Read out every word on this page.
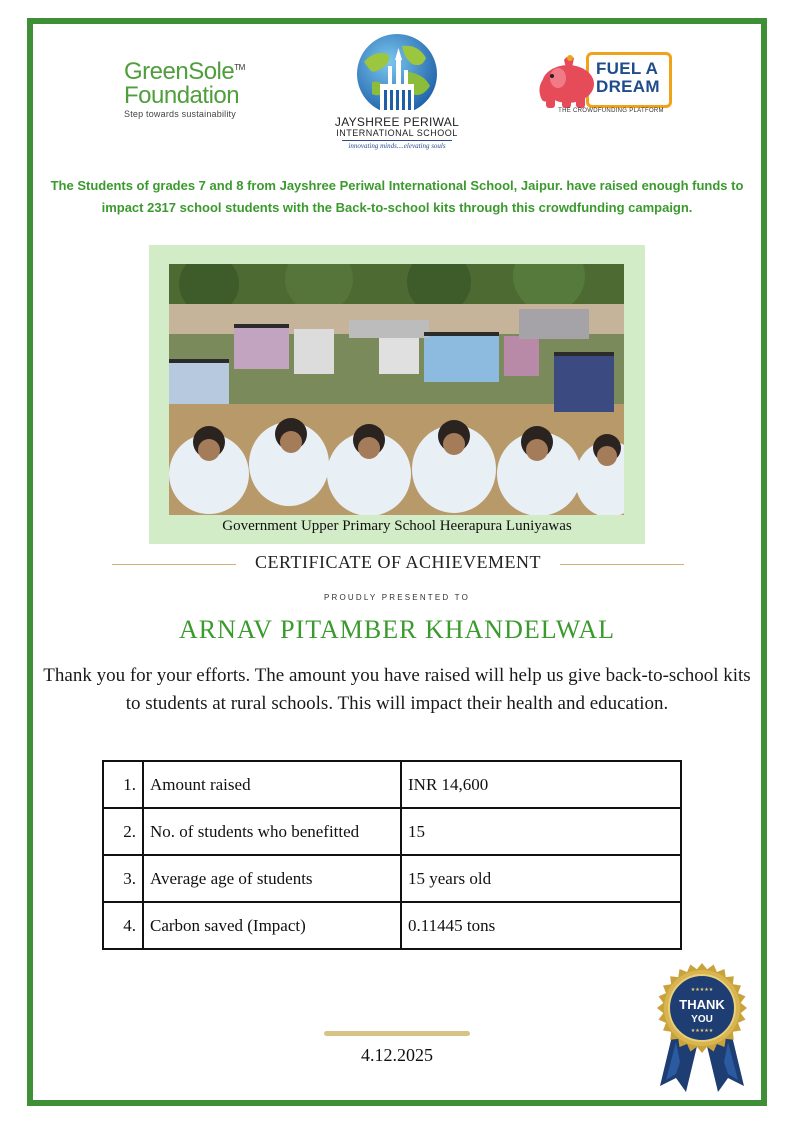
GreenSole™
Foundation
Step towards sustainability
JAYSHREE PERIWAL
INTERNATIONAL SCHOOL
innovating minds....elevating souls
FUEL A
DREAM
THE CROWDFUNDING PLATFORM

The Students of grades 7 and 8 from Jayshree Periwal International School, Jaipur. have raised enough funds to impact 2317 school students with the Back-to-school kits through this crowdfunding campaign.

Government Upper Primary School Heerapura Luniyawas
CERTIFICATE OF ACHIEVEMENT
PROUDLY PRESENTED TO
ARNAV PITAMBER KHANDELWAL

Thank you for your efforts. The amount you have raised will help us give back-to-school kits to students at rural schools. This will impact their health and education.

1.	Amount raised	INR 14,600
2.	No. of students who benefitted	15
3.	Average age of students	15 years old
4.	Carbon saved (Impact)	0.11445 tons
★★★★★
THANK
YOU
★★★★★
4.12.2025
